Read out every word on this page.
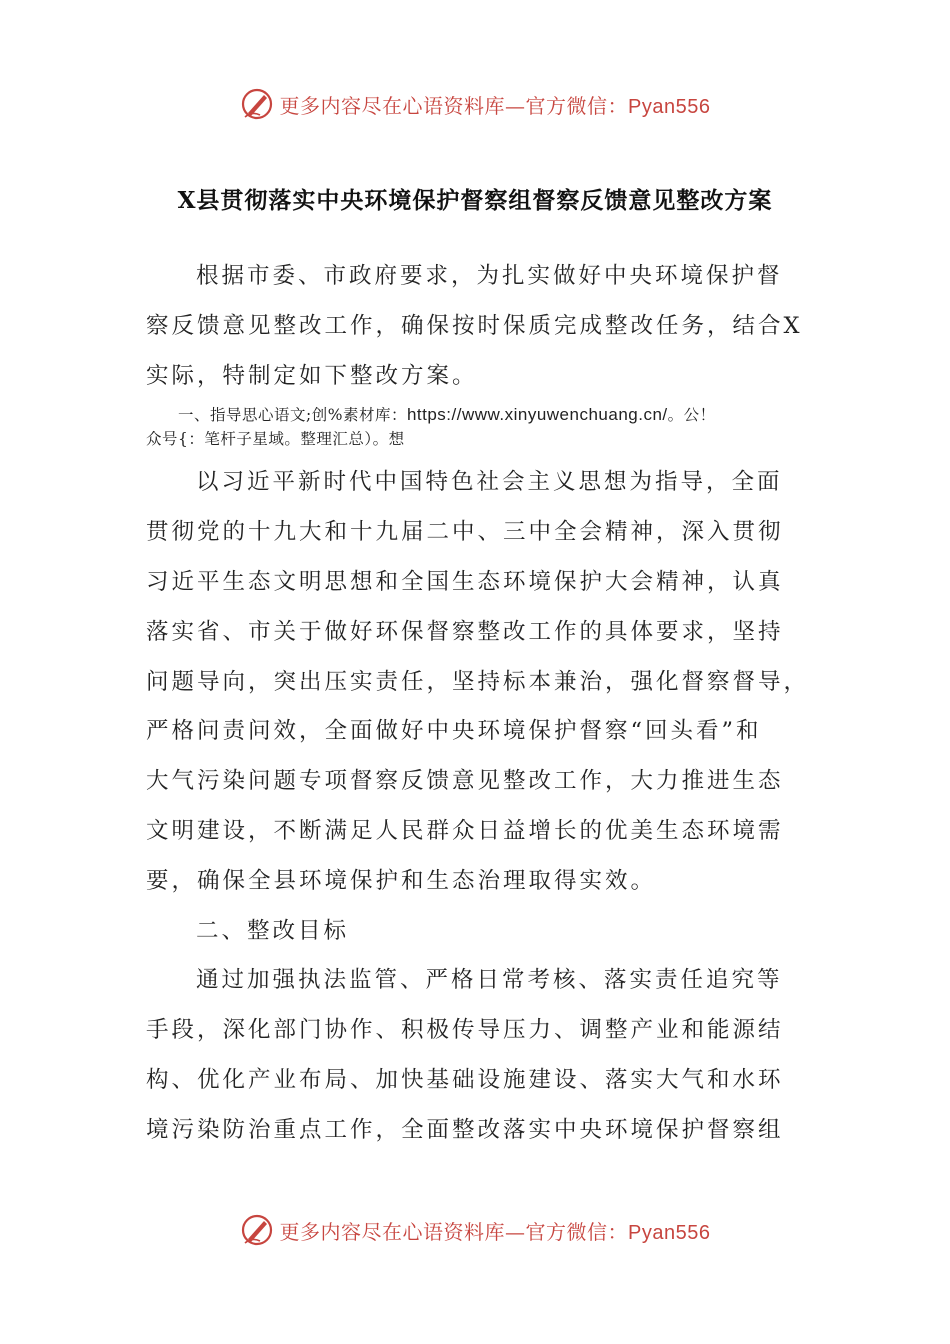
更多内容尽在心语资料库—官方微信：Pyan556
X县贯彻落实中央环境保护督察组督察反馈意见整改方案
根据市委、市政府要求，为扎实做好中央环境保护督
察反馈意见整改工作，确保按时保质完成整改任务，结合X
实际，特制定如下整改方案。
一、指导思心语文;创%素材库：https://www.xinyuwenchuang.cn/。公！
众号{：笔杆子星域。整理汇总）。想
以习近平新时代中国特色社会主义思想为指导，全面
贯彻党的十九大和十九届二中、三中全会精神，深入贯彻
习近平生态文明思想和全国生态环境保护大会精神，认真
落实省、市关于做好环保督察整改工作的具体要求，坚持
问题导向，突出压实责任，坚持标本兼治，强化督察督导，
严格问责问效，全面做好中央环境保护督察“回头看”和
大气污染问题专项督察反馈意见整改工作，大力推进生态
文明建设，不断满足人民群众日益增长的优美生态环境需
要，确保全县环境保护和生态治理取得实效。
二、整改目标
通过加强执法监管、严格日常考核、落实责任追究等
手段，深化部门协作、积极传导压力、调整产业和能源结
构、优化产业布局、加快基础设施建设、落实大气和水环
境污染防治重点工作，全面整改落实中央环境保护督察组
更多内容尽在心语资料库—官方微信：Pyan556
